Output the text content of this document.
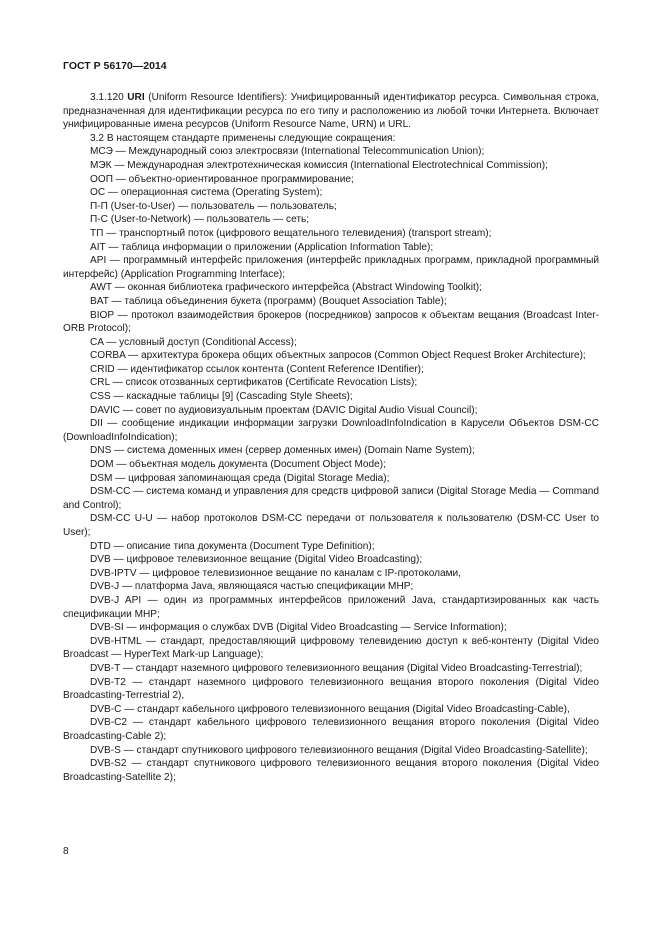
ГОСТ Р 56170—2014

3.1.120 URI (Uniform Resource Identifiers): Унифицированный идентификатор ресурса. Символьная строка, предназначенная для идентификации ресурса по его типу и расположению из любой точки Интернета. Включает унифицированные имена ресурсов (Uniform Resource Name, URN) и URL.

3.2 В настоящем стандарте применены следующие сокращения:

МСЭ — Международный союз электросвязи (International Telecommunication Union);

МЭК — Международная электротехническая комиссия (International Electrotechnical Commission);

ООП — объектно-ориентированное программирование;

ОС — операционная система (Operating System);

П-П (User-to-User) — пользователь — пользователь;

П-С (User-to-Network) — пользователь — сеть;

ТП — транспортный поток (цифрового вещательного телевидения) (transport stream);

AIT — таблица информации о приложении (Application Information Table);

API — программный интерфейс приложения (интерфейс прикладных программ, прикладной программный интерфейс) (Application Programming Interface);

AWT — оконная библиотека графического интерфейса (Abstract Windowing Toolkit);

BAT — таблица объединения букета (программ) (Bouquet Association Table);

BIOP — протокол взаимодействия брокеров (посредников) запросов к объектам вещания (Broadcast Inter-ORB Protocol);

CA — условный доступ (Conditional Access);

CORBA — архитектура брокера общих объектных запросов (Common Object Request Broker Architecture);

CRID — идентификатор ссылок контента (Content Reference IDentifier);

CRL — список отозванных сертификатов (Certificate Revocation Lists);

CSS — каскадные таблицы [9] (Cascading Style Sheets);

DAVIC — совет по аудиовизуальным проектам (DAVIC Digital Audio Visual Council);

DII — сообщение индикации информации загрузки DownloadInfoIndication в Карусели Объектов DSM-CC (DownloadInfoIndication);

DNS — система доменных имен (сервер доменных имен) (Domain Name System);

DOM — объектная модель документа (Document Object Mode);

DSM — цифровая запоминающая среда (Digital Storage Media);

DSM-CC — система команд и управления для средств цифровой записи (Digital Storage Media — Command and Control);

DSM-CC U-U — набор протоколов DSM-CC передачи от пользователя к пользователю (DSM-CC User to User);

DTD — описание типа документа (Document Type Definition);

DVB — цифровое телевизионное вещание (Digital Video Broadcasting);

DVB-IPTV — цифровое телевизионное вещание по каналам с IP-протоколами,

DVB-J — платформа Java, являющаяся частью спецификации MHP;

DVB-J API — один из программных интерфейсов приложений Java, стандартизированных как часть спецификации MHP;

DVB-SI — информация о службах DVB (Digital Video Broadcasting — Service Information);

DVB-HTML — стандарт, предоставляющий цифровому телевидению доступ к веб-контенту (Digital Video Broadcast — HyperText Mark-up Language);

DVB-T — стандарт наземного цифрового телевизионного вещания (Digital Video Broadcasting-Terrestrial);

DVB-T2 — стандарт наземного цифрового телевизионного вещания второго поколения (Digital Video Broadcasting-Terrestrial 2),

DVB-C — стандарт кабельного цифрового телевизионного вещания (Digital Video Broadcasting-Cable),

DVB-C2 — стандарт кабельного цифрового телевизионного вещания второго поколения (Digital Video Broadcasting-Cable 2);

DVB-S — стандарт спутникового цифрового телевизионного вещания (Digital Video Broadcasting-Satellite);

DVB-S2 — стандарт спутникового цифрового телевизионного вещания второго поколения (Digital Video Broadcasting-Satellite 2);

8
